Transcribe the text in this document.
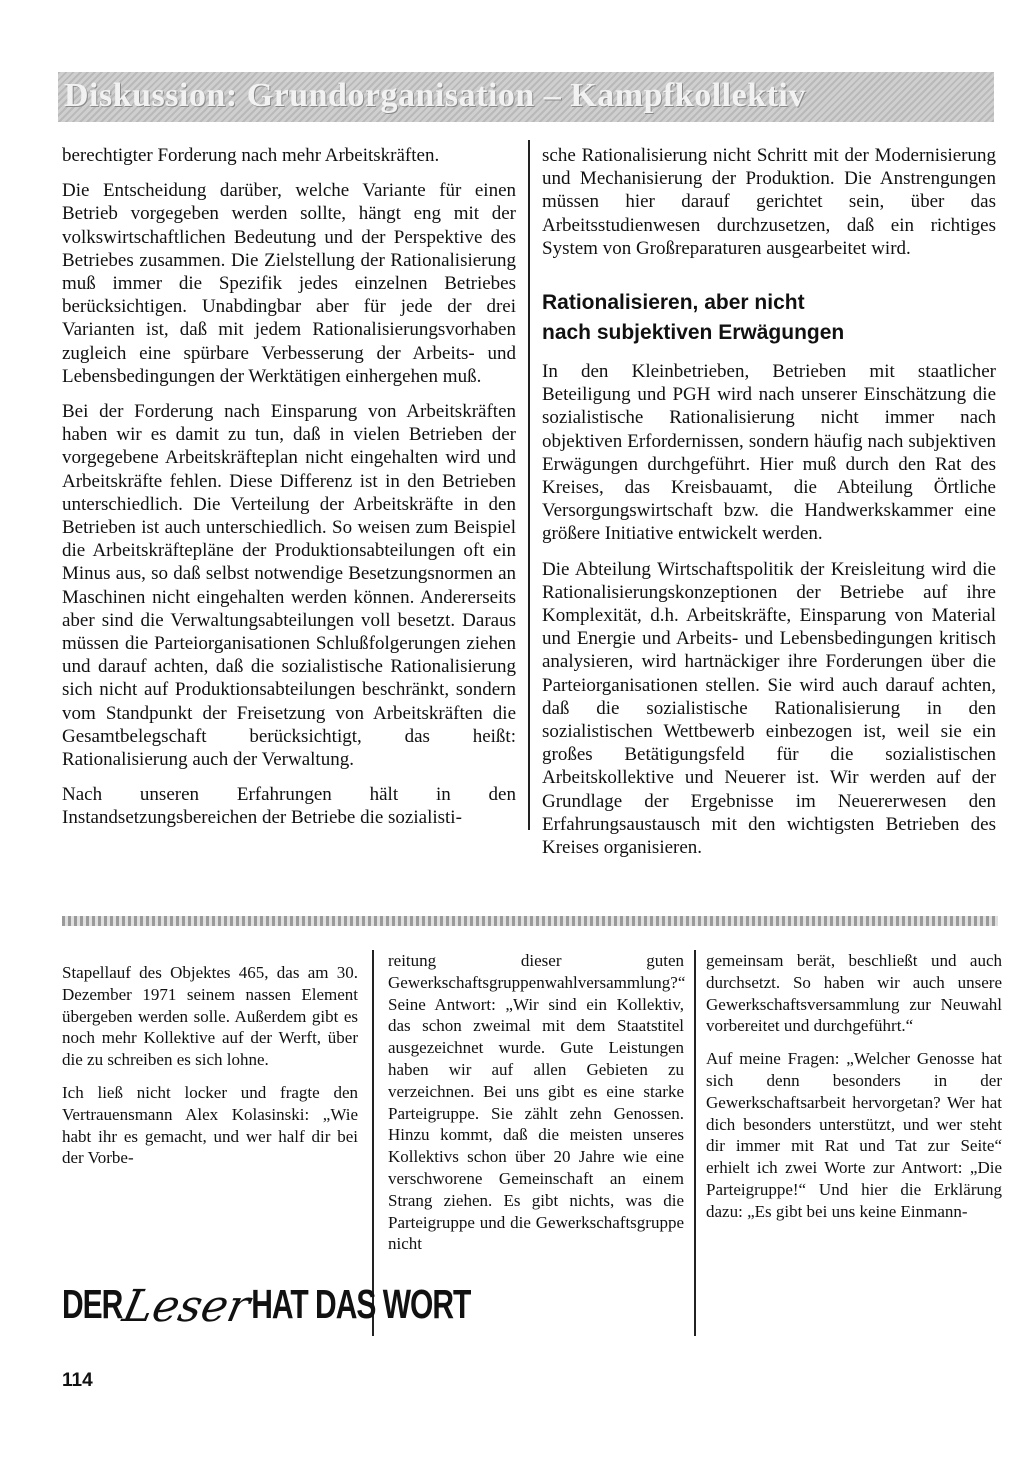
Diskussion: Grundorganisation – Kampfkollektiv

berechtigter Forderung nach mehr Arbeitskräften.

Die Entscheidung darüber, welche Variante für einen Betrieb vorgegeben werden sollte, hängt eng mit der volkswirtschaftlichen Bedeutung und der Perspektive des Betriebes zusammen. Die Zielstellung der Rationalisierung muß immer die Spezifik jedes einzelnen Betriebes berücksichtigen. Unabdingbar aber für jede der drei Varianten ist, daß mit jedem Rationalisierungsvorhaben zugleich eine spürbare Verbesserung der Arbeits- und Lebensbedingungen der Werktätigen einhergehen muß.

Bei der Forderung nach Einsparung von Arbeitskräften haben wir es damit zu tun, daß in vielen Betrieben der vorgegebene Arbeitskräfteplan nicht eingehalten wird und Arbeitskräfte fehlen. Diese Differenz ist in den Betrieben unterschiedlich. Die Verteilung der Arbeitskräfte in den Betrieben ist auch unterschiedlich. So weisen zum Beispiel die Arbeitskräftepläne der Produktionsabteilungen oft ein Minus aus, so daß selbst notwendige Besetzungsnormen an Maschinen nicht eingehalten werden können. Andererseits aber sind die Verwaltungsabteilungen voll besetzt. Daraus müssen die Parteiorganisationen Schlußfolgerungen ziehen und darauf achten, daß die sozialistische Rationalisierung sich nicht auf Produktionsabteilungen beschränkt, sondern vom Standpunkt der Freisetzung von Arbeitskräften die Gesamtbelegschaft berücksichtigt, das heißt: Rationalisierung auch der Verwaltung.

Nach unseren Erfahrungen hält in den Instandsetzungsbereichen der Betriebe die sozialisti-

sche Rationalisierung nicht Schritt mit der Modernisierung und Mechanisierung der Produktion. Die Anstrengungen müssen hier darauf gerichtet sein, über das Arbeitsstudienwesen durchzusetzen, daß ein richtiges System von Großreparaturen ausgearbeitet wird.

Rationalisieren, aber nicht
nach subjektiven Erwägungen

In den Kleinbetrieben, Betrieben mit staatlicher Beteiligung und PGH wird nach unserer Einschätzung die sozialistische Rationalisierung nicht immer nach objektiven Erfordernissen, sondern häufig nach subjektiven Erwägungen durchgeführt. Hier muß durch den Rat des Kreises, das Kreisbauamt, die Abteilung Örtliche Versorgungswirtschaft bzw. die Handwerkskammer eine größere Initiative entwickelt werden.

Die Abteilung Wirtschaftspolitik der Kreisleitung wird die Rationalisierungskonzeptionen der Betriebe auf ihre Komplexität, d.h. Arbeitskräfte, Einsparung von Material und Energie und Arbeits- und Lebensbedingungen kritisch analysieren, wird hartnäckiger ihre Forderungen über die Parteiorganisationen stellen. Sie wird auch darauf achten, daß die sozialistische Rationalisierung in den sozialistischen Wettbewerb einbezogen ist, weil sie ein großes Betätigungsfeld für die sozialistischen Arbeitskollektive und Neuerer ist. Wir werden auf der Grundlage der Ergebnisse im Neuererwesen den Erfahrungsaustausch mit den wichtigsten Betrieben des Kreises organisieren.

Stapellauf des Objektes 465, das am 30. Dezember 1971 seinem nassen Element übergeben werden solle. Außerdem gibt es noch mehr Kollektive auf der Werft, über die zu schreiben es sich lohne.

Ich ließ nicht locker und fragte den Vertrauensmann Alex Kolasinski: „Wie habt ihr es gemacht, und wer half dir bei der Vorbe-

reitung dieser guten Gewerkschaftsgruppenwahlversammlung?“ Seine Antwort: „Wir sind ein Kollektiv, das schon zweimal mit dem Staatstitel ausgezeichnet wurde. Gute Leistungen haben wir auf allen Gebieten zu verzeichnen. Bei uns gibt es eine starke Parteigruppe. Sie zählt zehn Genossen. Hinzu kommt, daß die meisten unseres Kollektivs schon über 20 Jahre wie eine verschworene Gemeinschaft an einem Strang ziehen. Es gibt nichts, was die Parteigruppe und die Gewerkschaftsgruppe nicht

gemeinsam berät, beschließt und auch durchsetzt. So haben wir auch unsere Gewerkschaftsversammlung zur Neuwahl vorbereitet und durchgeführt.“

Auf meine Fragen: „Welcher Genosse hat sich denn besonders in der Gewerkschaftsarbeit hervorgetan? Wer hat dich besonders unterstützt, und wer steht dir immer mit Rat und Tat zur Seite“ erhielt ich zwei Worte zur Antwort: „Die Parteigruppe!“ Und hier die Erklärung dazu: „Es gibt bei uns keine Einmann-

DER
Leser
HAT DAS WORT
114
